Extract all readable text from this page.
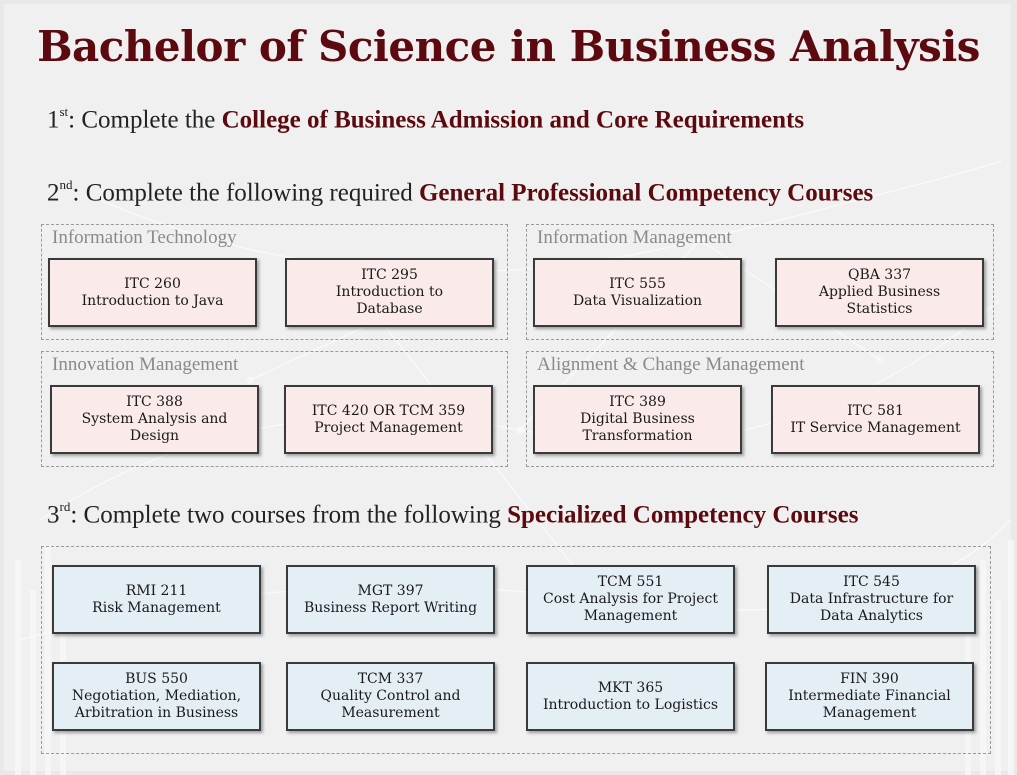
Bachelor of Science in Business Analysis
1st: Complete the College of Business Admission and Core Requirements
2nd: Complete the following required General Professional Competency Courses
Information Technology
ITC 260
Introduction to Java
ITC 295
Introduction to
Database
Information Management
ITC 555
Data Visualization
QBA 337
Applied Business
Statistics
Innovation Management
ITC 388
System Analysis and
Design
ITC 420 OR TCM 359
Project Management
Alignment & Change Management
ITC 389
Digital Business
Transformation
ITC 581
IT Service Management
3rd: Complete two courses from the following Specialized Competency Courses
RMI 211
Risk Management
MGT 397
Business Report Writing
TCM 551
Cost Analysis for Project
Management
ITC 545
Data Infrastructure for
Data Analytics
BUS 550
Negotiation, Mediation,
Arbitration in Business
TCM 337
Quality Control and
Measurement
MKT 365
Introduction to Logistics
FIN 390
Intermediate Financial
Management
